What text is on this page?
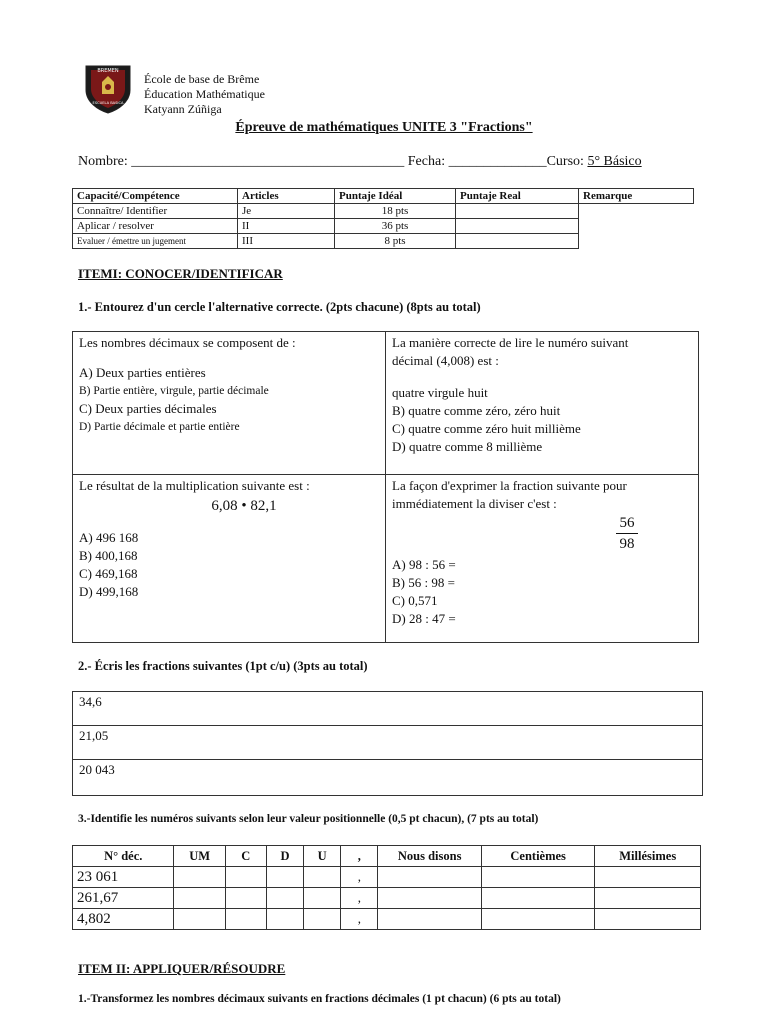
BREMEN
ESCUELA BASICA
École de base de Brême
Éducation Mathématique
Katyann Zúñiga
Épreuve de mathématiques UNITE 3 "Fractions"
Nombre: _______________________________________ Fecha: ______________Curso: 5° Básico
Capacité/Compétence	Articles	Puntaje Idéal	Puntaje Real	Remarque
Connaître/ Identifier	Je	18 pts		
Aplicar / resolver	II	36 pts		
Evaluer / émettre un jugement	III	8 pts		
ITEMI: CONOCER/IDENTIFICAR
1.- Entourez d'un cercle l'alternative correcte. (2pts chacune) (8pts au total)
Les nombres décimaux se composent de :
A) Deux parties entières
B) Partie entière, virgule, partie décimale
C) Deux parties décimales
D) Partie décimale et partie entière
La manière correcte de lire le numéro suivant
décimal (4,008) est :
quatre virgule huit
B) quatre comme zéro, zéro huit
C) quatre comme zéro huit millième
D) quatre comme 8 millième
Le résultat de la multiplication suivante est :
6,08 • 82,1
A) 496 168
B) 400,168
C) 469,168
D) 499,168
La façon d'exprimer la fraction suivante pour
immédiatement la diviser c'est :
56
98
A) 98 : 56 =
B) 56 : 98 =
C) 0,571
D) 28 : 47 =
2.- Écris les fractions suivantes (1pt c/u) (3pts au total)
34,6
21,05
20 043
3.-Identifie les numéros suivants selon leur valeur positionnelle (0,5 pt chacun), (7 pts au total)
N° déc.	UM	C	D	U	,	Nous disons	Centièmes	Millésimes
23 061					,			
261,67					,			
4,802					,			
ITEM II: APPLIQUER/RÉSOUDRE
1.-Transformez les nombres décimaux suivants en fractions décimales (1 pt chacun) (6 pts au total)
